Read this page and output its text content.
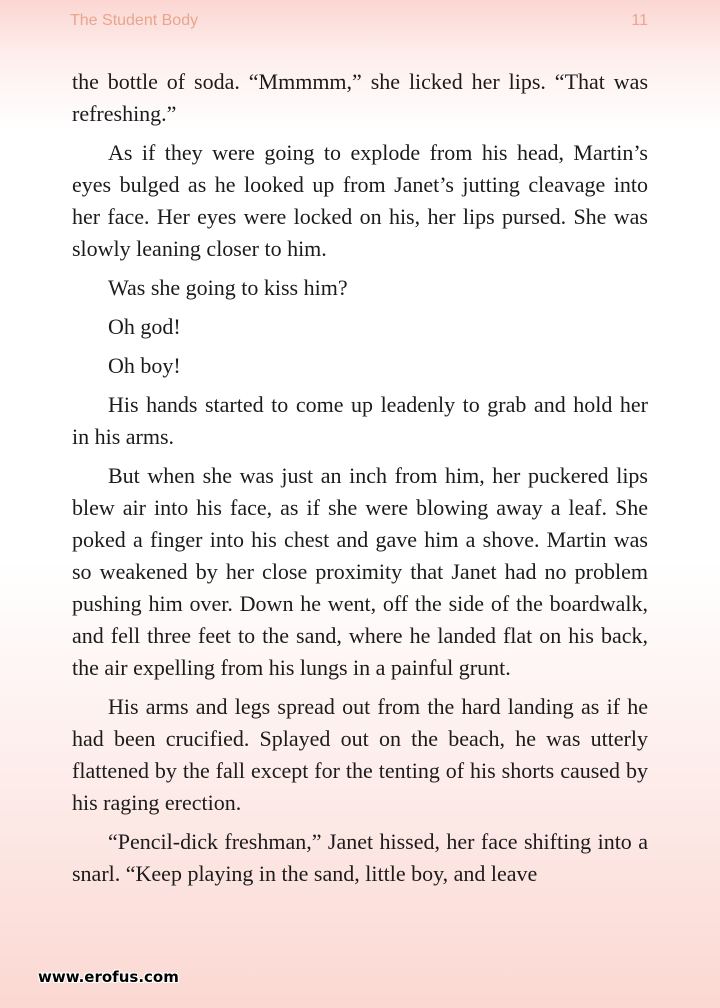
The Student Body	11

the bottle of soda. “Mmmmm,” she licked her lips. “That was refreshing.”

As if they were going to explode from his head, Martin’s eyes bulged as he looked up from Janet’s jutting cleavage into her face. Her eyes were locked on his, her lips pursed. She was slowly leaning closer to him.

Was she going to kiss him?

Oh god!

Oh boy!

His hands started to come up leadenly to grab and hold her in his arms.

But when she was just an inch from him, her puckered lips blew air into his face, as if she were blowing away a leaf. She poked a finger into his chest and gave him a shove. Martin was so weakened by her close proximity that Janet had no problem pushing him over. Down he went, off the side of the boardwalk, and fell three feet to the sand, where he landed flat on his back, the air expelling from his lungs in a painful grunt.

His arms and legs spread out from the hard landing as if he had been crucified. Splayed out on the beach, he was utterly flattened by the fall except for the tenting of his shorts caused by his raging erection.

“Pencil-dick freshman,” Janet hissed, her face shifting into a snarl. “Keep playing in the sand, little boy, and leave

www.erofus.com
